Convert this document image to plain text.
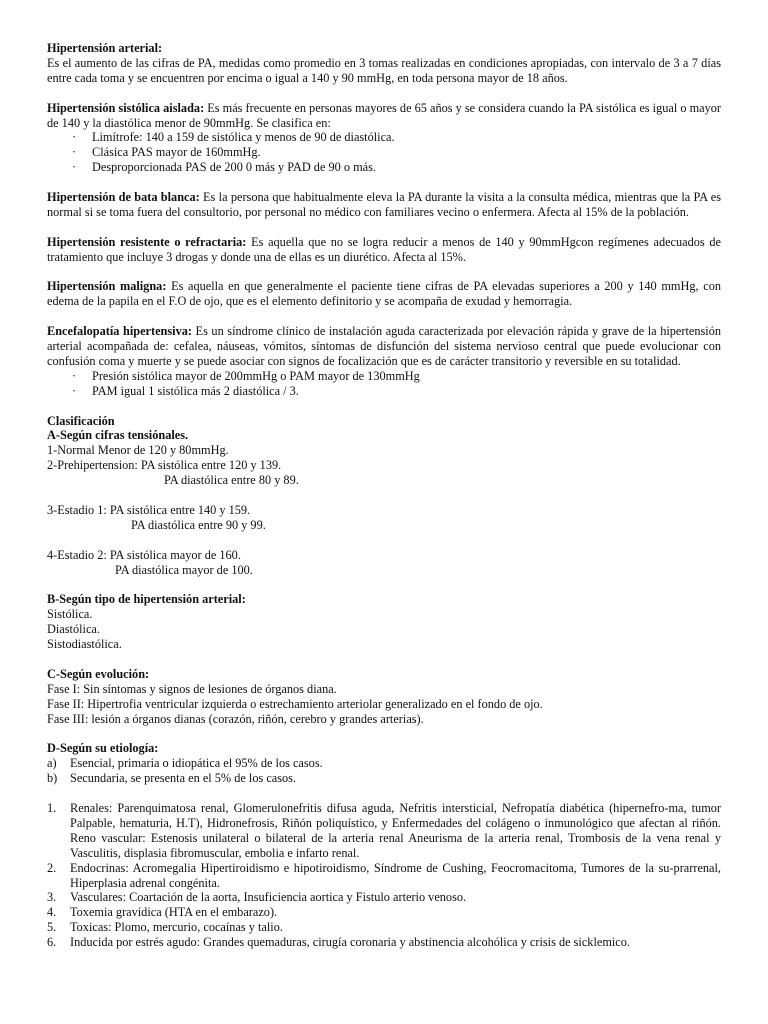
Hipertensión arterial:
Es el aumento de las cifras de PA, medidas como promedio en 3 tomas realizadas en condiciones apropiadas, con intervalo de 3 a 7 días entre cada toma y se encuentren por encima o igual a 140 y 90 mmHg, en toda persona mayor de 18 años.

Hipertensión sistólica aislada: Es más frecuente en personas mayores de 65 años y se considera cuando la PA sistólica es igual o mayor de 140 y la diastólica menor de 90mmHg. Se clasifica en:

·	Limítrofe: 140 a 159 de sistólica y menos de 90 de diastólica.
·	Clásica PAS mayor de 160mmHg.
·	Desproporcionada PAS de 200 0 más y PAD de 90 o más.

Hipertensión de bata blanca: Es la persona que habitualmente eleva la PA durante la visita a la consulta médica, mientras que la PA es normal si se toma fuera del consultorio, por personal no médico con familiares vecino o enfermera. Afecta al 15% de la población.

Hipertensión resistente o refractaria: Es aquella que no se logra reducir a menos de 140 y 90mmHgcon regímenes adecuados de tratamiento que incluye 3 drogas y donde una de ellas es un diurético. Afecta al 15%.

Hipertensión maligna: Es aquella en que generalmente el paciente tiene cifras de PA elevadas superiores a 200 y 140 mmHg, con edema de la papila en el F.O de ojo, que es el elemento definitorio y se acompaña de exudad y hemorragia.

Encefalopatía hipertensiva: Es un síndrome clínico de instalación aguda caracterizada por elevación rápida y grave de la hipertensión arterial acompañada de: cefalea, náuseas, vómitos, síntomas de disfunción del sistema nervioso central que puede evolucionar con confusión coma y muerte y se puede asociar con signos de focalización que es de carácter transitorio y reversible en su totalidad.

·	Presión sistólica mayor de 200mmHg o PAM mayor de 130mmHg
·	PAM igual 1 sistólica más 2 diastólica / 3.

Clasificación
A-Según cifras tensiónales.

1-Normal Menor de 120 y 80mmHg.

2-Prehipertension: PA sistólica entre 120 y 139.

PA diastólica entre 80 y 89.

3-Estadio 1: PA sistólica entre 140 y 159.

PA diastólica entre 90 y 99.

4-Estadio 2: PA sistólica mayor de 160.

PA diastólica mayor de 100.

B-Según tipo de hipertensión arterial:

Sistólica.

Diastólica.

Sistodiastólica.

C-Según evolución:

Fase I: Sin síntomas y signos de lesiones de órganos diana.

Fase II: Hipertrofia ventricular izquierda o estrechamiento arteriolar generalizado en el fondo de ojo.

Fase III: lesión a órganos dianas (corazón, riñón, cerebro y grandes arterias).

D-Según su etiología:

a)	Esencial, primaria o idiopática el 95% de los casos.
b)	Secundaria, se presenta en el 5% de los casos.
1.	Renales: Parenquimatosa renal, Glomerulonefritis difusa aguda, Nefritis intersticial, Nefropatía diabética (hipernefro-ma, tumor Palpable, hematuria, H.T), Hidronefrosis, Riñón poliquístico, y Enfermedades del colágeno o inmunológico que afectan al riñón. Reno vascular: Estenosis unilateral o bilateral de la arteria renal Aneurisma de la arteria renal, Trombosis de la vena renal y Vasculitis, displasia fibromuscular, embolia e infarto renal.
2.	Endocrinas: Acromegalia Hipertiroidismo e hipotiroidismo, Síndrome de Cushing, Feocromacitoma, Tumores de la su-prarrenal, Hiperplasia adrenal congénita.
3.	Vasculares: Coartación de la aorta, Insuficiencia aortica y Fistulo arterio venoso.
4.	Toxemia gravídica (HTA en el embarazo).
5.	Toxicas: Plomo, mercurio, cocaínas y talio.
6.	Inducida por estrés agudo: Grandes quemaduras, cirugía coronaria y abstinencia alcohólica y crisis de sicklemico.
